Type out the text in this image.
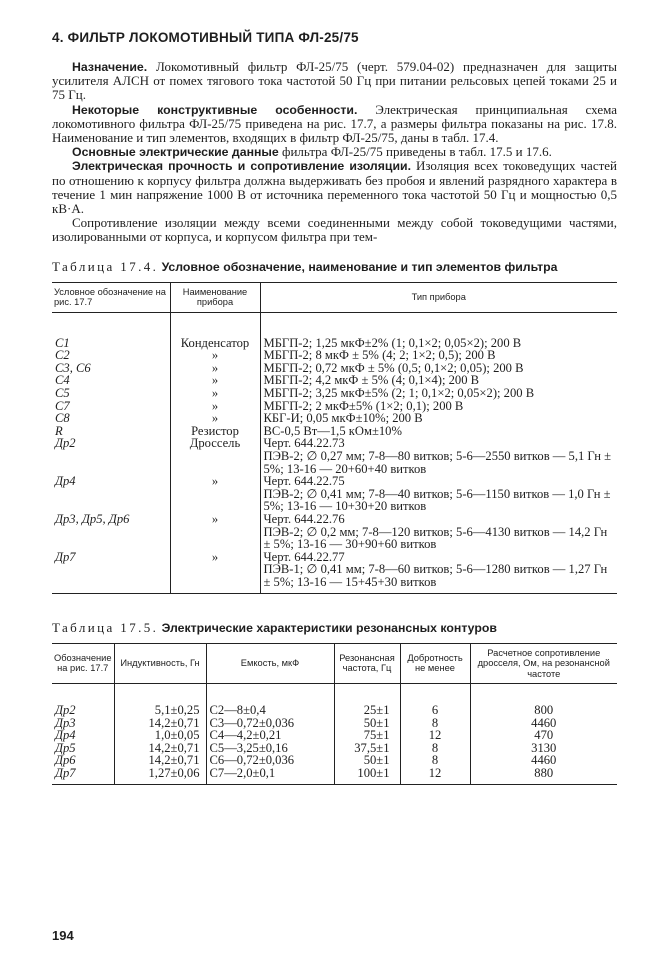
4. ФИЛЬТР ЛОКОМОТИВНЫЙ ТИПА ФЛ-25/75

Назначение. Локомотивный фильтр ФЛ-25/75 (черт. 579.04-02) предназначен для защиты усилителя АЛСН от помех тягового тока частотой 50 Гц при питании рельсовых цепей токами 25 и 75 Гц.

Некоторые конструктивные особенности. Электрическая принципиальная схема локомотивного фильтра ФЛ-25/75 приведена на рис. 17.7, а размеры фильтра показаны на рис. 17.8. Наименование и тип элементов, входящих в фильтр ФЛ-25/75, даны в табл. 17.4.

Основные электрические данные фильтра ФЛ-25/75 приведены в табл. 17.5 и 17.6.

Электрическая прочность и сопротивление изоляции. Изоляция всех токоведущих частей по отношению к корпусу фильтра должна выдерживать без пробоя и явлений разрядного характера в течение 1 мин напряжение 1000 В от источника переменного тока частотой 50 Гц и мощностью 0,5 кВ·А.

Сопротивление изоляции между всеми соединенными между собой токоведущими частями, изолированными от корпуса, и корпусом фильтра при тем-

Таблица 17.4. Условное обозначение, наименование и тип элементов фильтра
Условное обозначение на рис. 17.7	Наименование прибора	Тип прибора
C1	Конденсатор	МБГП-2; 1,25 мкФ±2% (1; 0,1×2; 0,05×2); 200 В

C2	»	МБГП-2; 8 мкФ ± 5% (4; 2; 1×2; 0,5); 200 В

C3, C6	»	МБГП-2; 0,72 мкФ ± 5% (0,5; 0,1×2; 0,05); 200 В

C4	»	МБГП-2; 4,2 мкФ ± 5% (4; 0,1×4); 200 В

C5	»	МБГП-2; 3,25 мкФ±5% (2; 1; 0,1×2; 0,05×2); 200 В

C7	»	МБГП-2; 2 мкФ±5% (1×2; 0,1); 200 В

C8	»	КБГ-И; 0,05 мкФ±10%; 200 В

R	Резистор	ВС-0,5 Вт—1,5 кОм±10%

Др2	Дроссель	Черт. 644.22.73
ПЭВ-2; ∅ 0,27 мм; 7-8—80 витков; 5-6—2550 витков — 5,1 Гн ± 5%; 13-16 — 20+60+40 витков

Др4	»	Черт. 644.22.75
ПЭВ-2; ∅ 0,41 мм; 7-8—40 витков; 5-6—1150 витков — 1,0 Гн ± 5%; 13-16 — 10+30+20 витков

Др3, Др5, Др6	»	Черт. 644.22.76
ПЭВ-2; ∅ 0,2 мм; 7-8—120 витков; 5-6—4130 витков — 14,2 Гн ± 5%; 13-16 — 30+90+60 витков

Др7	»	Черт. 644.22.77
ПЭВ-1; ∅ 0,41 мм; 7-8—60 витков; 5-6—1280 витков — 1,27 Гн ± 5%; 13-16 — 15+45+30 витков
Таблица 17.5. Электрические характеристики резонансных контуров
Обозначение на рис. 17.7	Индуктивность, Гн	Емкость, мкФ	Резонансная частота, Гц	Добротность не менее	Расчетное сопротивление дросселя, Ом, на резонансной частоте
Др2	5,1±0,25	C2—8±0,4	25±1	6	800
Др3	14,2±0,71	C3—0,72±0,036	50±1	8	4460
Др4	1,0±0,05	C4—4,2±0,21	75±1	12	470
Др5	14,2±0,71	C5—3,25±0,16	37,5±1	8	3130
Др6	14,2±0,71	C6—0,72±0,036	50±1	8	4460
Др7	1,27±0,06	C7—2,0±0,1	100±1	12	880
194
